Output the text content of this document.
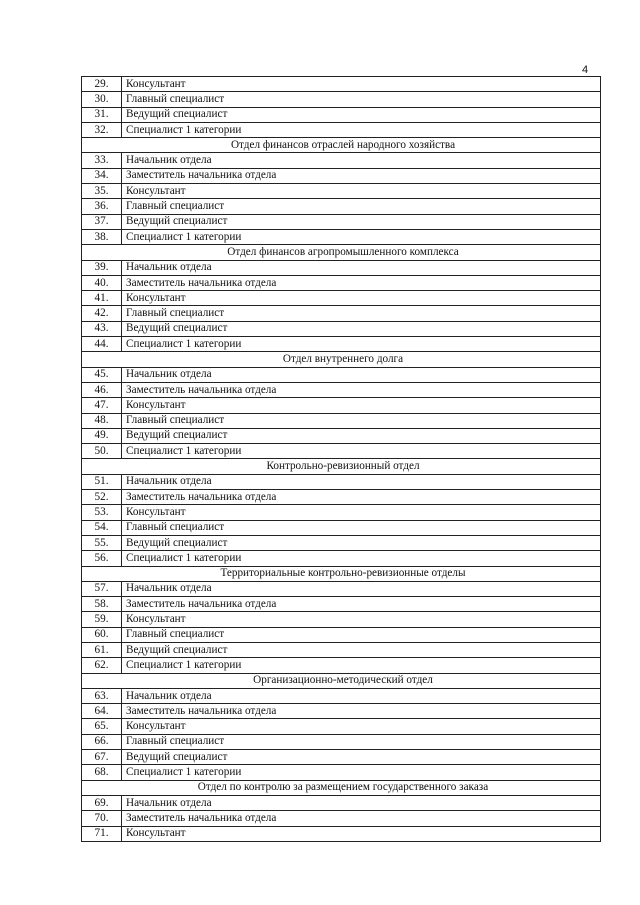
4
29.	Консультант
30.	Главный специалист
31.	Ведущий специалист
32.	Специалист 1 категории
Отдел финансов отраслей народного хозяйства	
33.	Начальник отдела
34.	Заместитель начальника отдела
35.	Консультант
36.	Главный специалист
37.	Ведущий специалист
38.	Специалист 1 категории
Отдел финансов агропромышленного комплекса	
39.	Начальник отдела
40.	Заместитель начальника отдела
41.	Консультант
42.	Главный специалист
43.	Ведущий специалист
44.	Специалист 1 категории
Отдел внутреннего долга	
45.	Начальник отдела
46.	Заместитель начальника отдела
47.	Консультант
48.	Главный специалист
49.	Ведущий специалист
50.	Специалист 1 категории
Контрольно-ревизионный отдел	
51.	Начальник отдела
52.	Заместитель начальника отдела
53.	Консультант
54.	Главный специалист
55.	Ведущий специалист
56.	Специалист 1 категории
Территориальные контрольно-ревизионные отделы	
57.	Начальник отдела
58.	Заместитель начальника отдела
59.	Консультант
60.	Главный специалист
61.	Ведущий специалист
62.	Специалист 1 категории
Организационно-методический отдел	
63.	Начальник отдела
64.	Заместитель начальника отдела
65.	Консультант
66.	Главный специалист
67.	Ведущий специалист
68.	Специалист 1 категории
Отдел по контролю за размещением государственного заказа	
69.	Начальник отдела
70.	Заместитель начальника отдела
71.	Консультант
